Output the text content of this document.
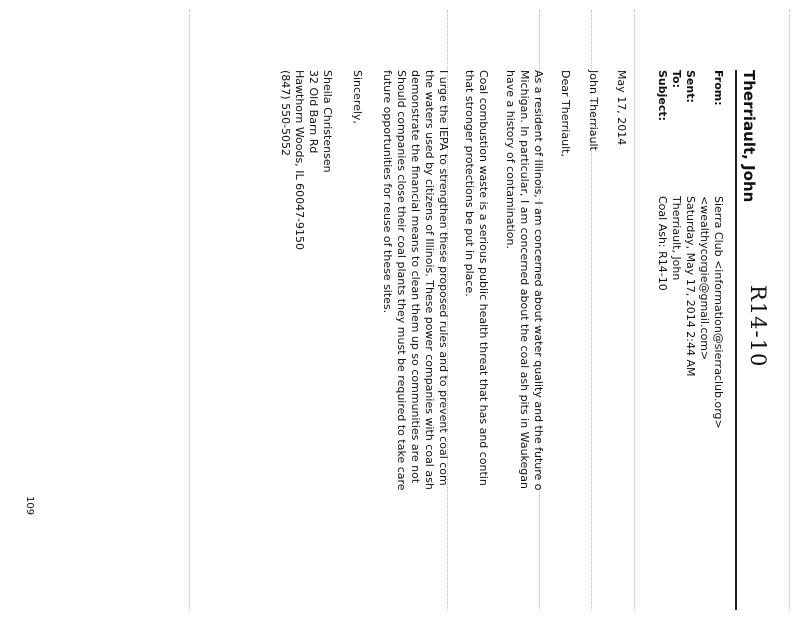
R14-10
Therriault, John
From:
Sierra Club <information@sierraclub.org>
<wealthycorgie@gmail.com>
Sent:
Saturday, May 17, 2014 2:44 AM
To:
Therriault, John
Subject:
Coal Ash: R14-10
May 17, 2014
John Therriault
Dear Therriault,
As a resident of Illinois, I am concerned about water quality and the future o
Michigan. In particular, I am concerned about the coal ash pits in Waukegan
have a history of contamination.
Coal combustion waste is a serious public health threat that has and contin
that stronger protections be put in place.
I urge the IEPA to strengthen these proposed rules and to prevent coal com
the waters used by citizens of Illinois. These power companies with coal ash
demonstrate the financial means to clean them up so communities are not
Should companies close their coal plants they must be required to take care
future opportunities for reuse of these sites.
Sincerely,
Sheila Christensen
32 Old Barn Rd
Hawthorn Woods, IL 60047-9150
(847) 550-5052
109
